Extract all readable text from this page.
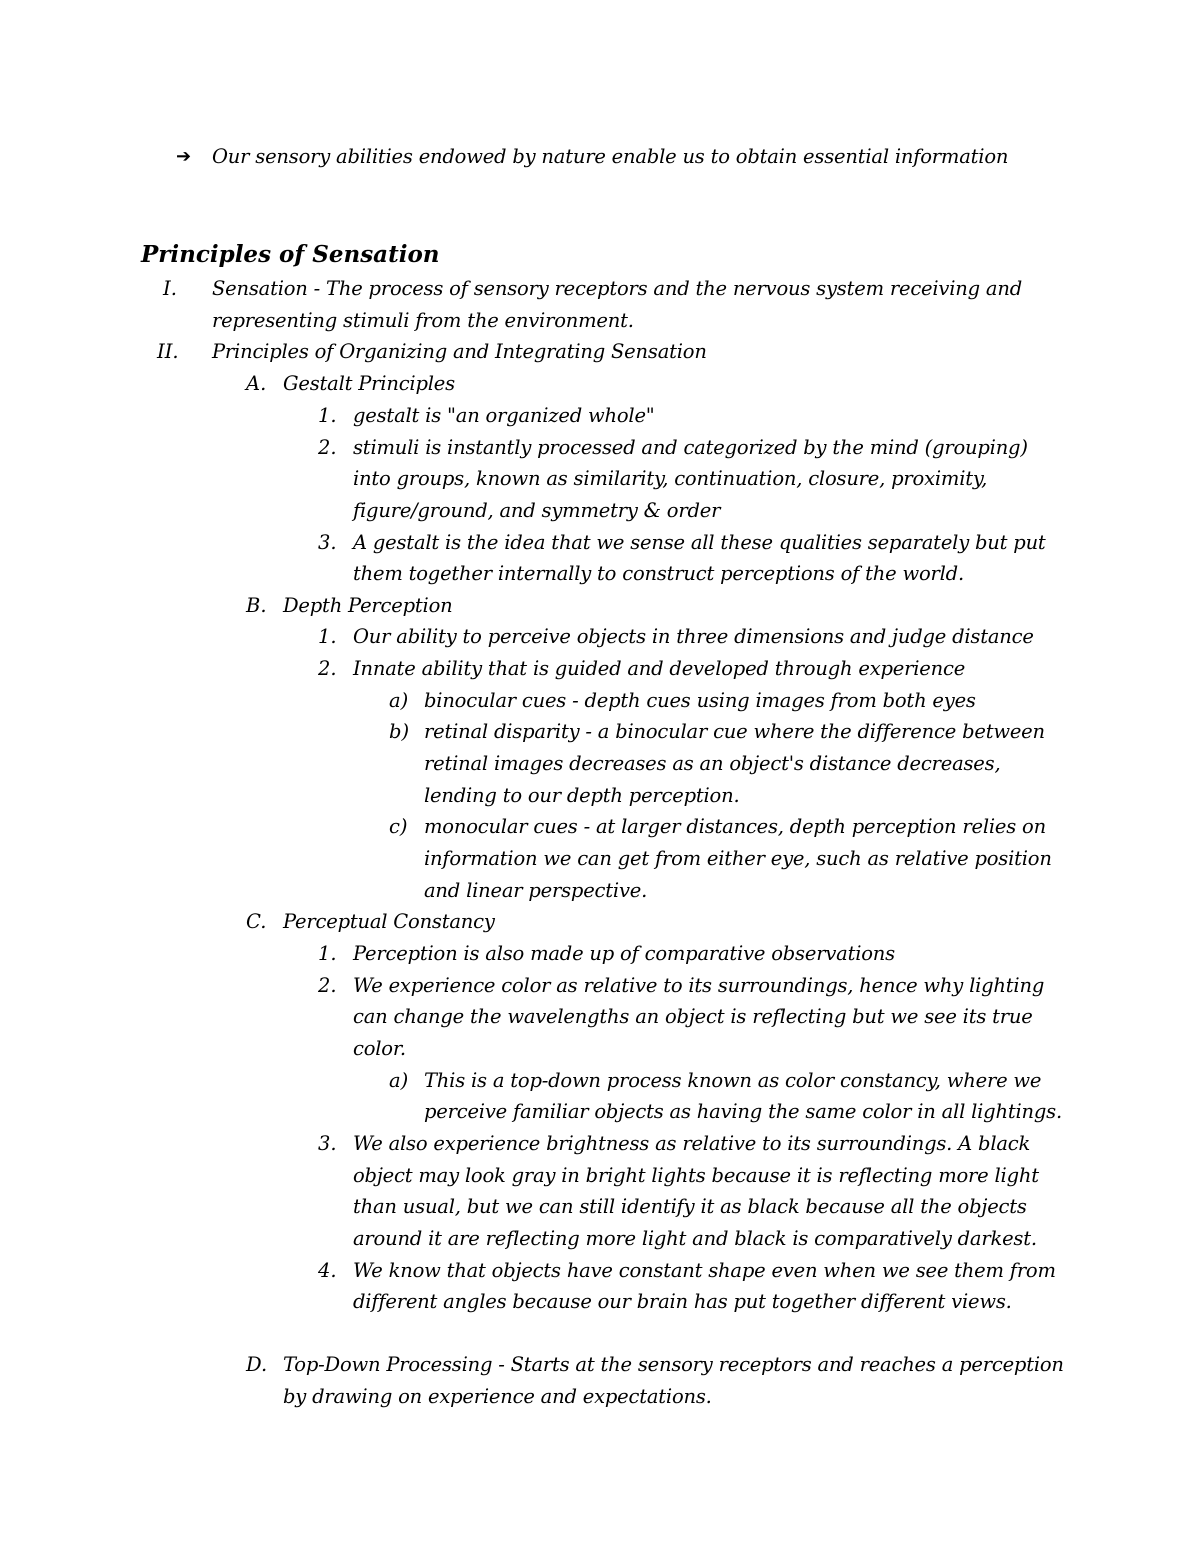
➔ Our sensory abilities endowed by nature enable us to obtain essential information
Principles of Sensation
I. Sensation - The process of sensory receptors and the nervous system receiving and
representing stimuli from the environment.
II. Principles of Organizing and Integrating Sensation
A. Gestalt Principles
1. gestalt is "an organized whole"
2. stimuli is instantly processed and categorized by the mind (grouping)
into groups, known as similarity, continuation, closure, proximity,
figure/ground, and symmetry & order
3. A gestalt is the idea that we sense all these qualities separately but put
them together internally to construct perceptions of the world.
B. Depth Perception
1. Our ability to perceive objects in three dimensions and judge distance
2. Innate ability that is guided and developed through experience
a) binocular cues - depth cues using images from both eyes
b) retinal disparity - a binocular cue where the difference between
retinal images decreases as an object's distance decreases,
lending to our depth perception.
c) monocular cues - at larger distances, depth perception relies on
information we can get from either eye, such as relative position
and linear perspective.
C. Perceptual Constancy
1. Perception is also made up of comparative observations
2. We experience color as relative to its surroundings, hence why lighting
can change the wavelengths an object is reflecting but we see its true
color.
a) This is a top-down process known as color constancy, where we
perceive familiar objects as having the same color in all lightings.
3. We also experience brightness as relative to its surroundings. A black
object may look gray in bright lights because it is reflecting more light
than usual, but we can still identify it as black because all the objects
around it are reflecting more light and black is comparatively darkest.
4. We know that objects have constant shape even when we see them from
different angles because our brain has put together different views.
D. Top-Down Processing - Starts at the sensory receptors and reaches a perception
by drawing on experience and expectations.
